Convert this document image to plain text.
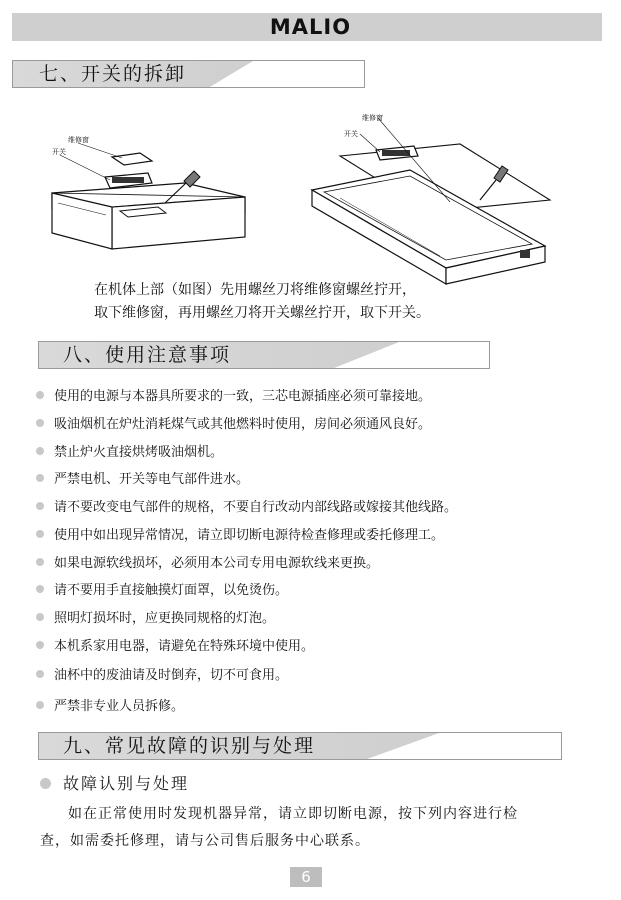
MALIO
七、开关的拆卸
维修窗
开关
维修窗
开关
在机体上部（如图）先用螺丝刀将维修窗螺丝拧开，
取下维修窗，再用螺丝刀将开关螺丝拧开，取下开关。
八、使用注意事项
使用的电源与本器具所要求的一致，三芯电源插座必须可靠接地。
吸油烟机在炉灶消耗煤气或其他燃料时使用，房间必须通风良好。
禁止炉火直接烘烤吸油烟机。
严禁电机、开关等电气部件进水。
请不要改变电气部件的规格，不要自行改动内部线路或嫁接其他线路。
使用中如出现异常情况，请立即切断电源待检查修理或委托修理工。
如果电源软线损坏，必须用本公司专用电源软线来更换。
请不要用手直接触摸灯面罩，以免烫伤。
照明灯损坏时，应更换同规格的灯泡。
本机系家用电器，请避免在特殊环境中使用。
油杯中的废油请及时倒弃，切不可食用。
严禁非专业人员拆修。
九、常见故障的识别与处理
故障认别与处理
如在正常使用时发现机器异常，请立即切断电源，按下列内容进行检
查，如需委托修理，请与公司售后服务中心联系。
6
